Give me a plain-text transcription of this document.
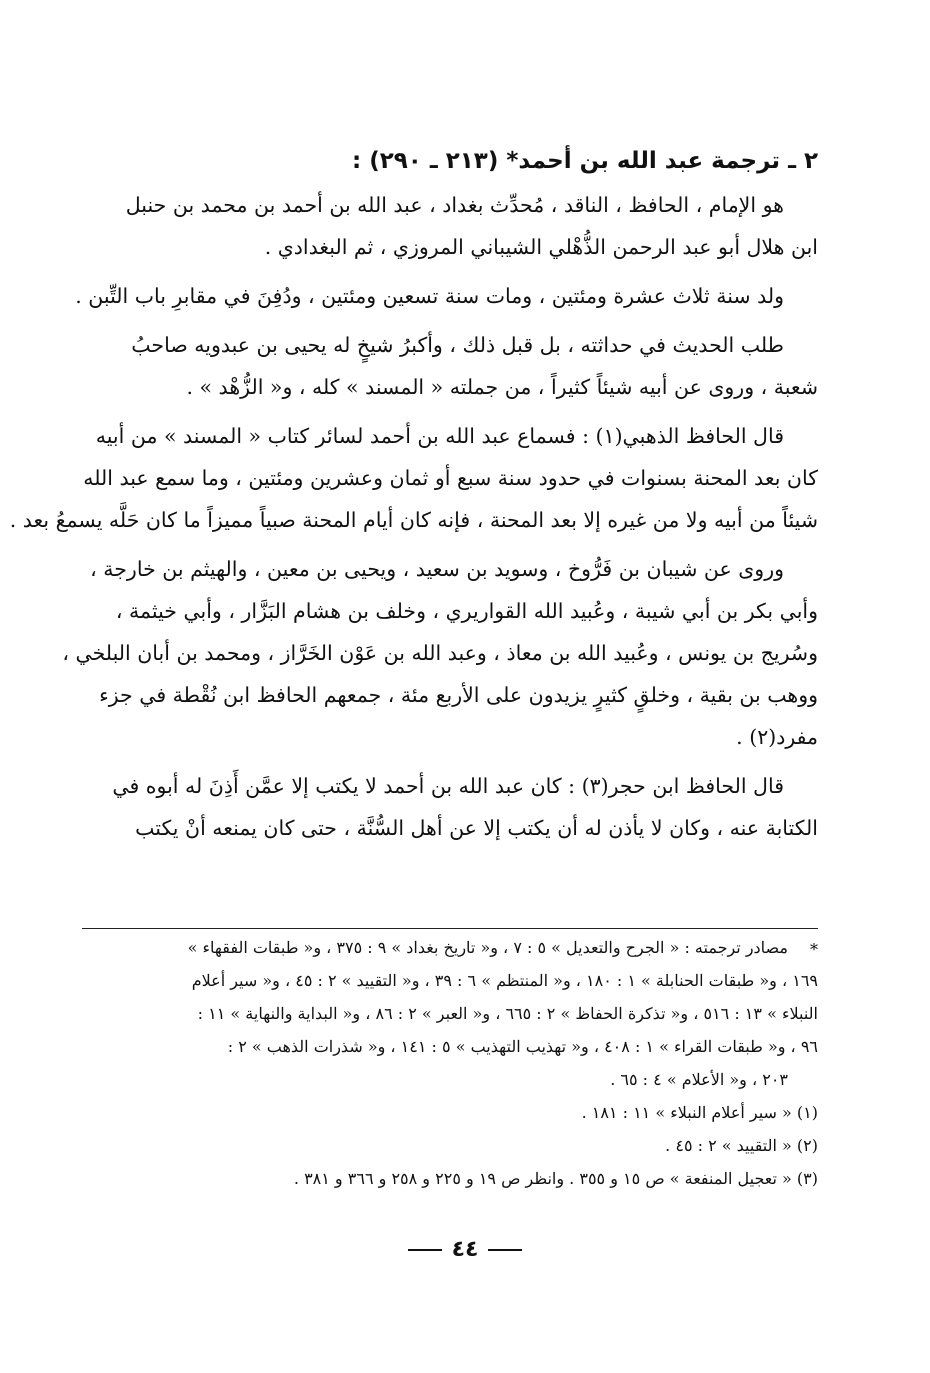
٢ ـ ترجمة عبد الله بن أحمد* (٢١٣ ـ ٢٩٠) :

هو الإمام ، الحافظ ، الناقد ، مُحدِّث بغداد ، عبد الله بن أحمد بن محمد بن حنبل
ابن هلال أبو عبد الرحمن الذُّهْلي الشيباني المروزي ، ثم البغدادي .

ولد سنة ثلاث عشرة ومئتين ، ومات سنة تسعين ومئتين ، ودُفِنَ في مقابرِ باب التِّبن .

طلب الحديث في حداثته ، بل قبل ذلك ، وأكبرُ شيخٍ له يحيى بن عبدويه صاحبُ
شعبة ، وروى عن أبيه شيئاً كثيراً ، من جملته « المسند » كله ، و« الزُّهْد » .

قال الحافظ الذهبي(١) : فسماع عبد الله بن أحمد لسائر كتاب « المسند » من أبيه
كان بعد المحنة بسنوات في حدود سنة سبع أو ثمان وعشرين ومئتين ، وما سمع عبد الله
شيئاً من أبيه ولا من غيره إلا بعد المحنة ، فإنه كان أيام المحنة صبياً مميزاً ما كان حَلَّه يسمعُ بعد .

وروى عن شيبان بن فَرُّوخ ، وسويد بن سعيد ، ويحيى بن معين ، والهيثم بن خارجة ،
وأبي بكر بن أبي شيبة ، وعُبيد الله القواريري ، وخلف بن هشام البَزَّار ، وأبي خيثمة ،
وسُريج بن يونس ، وعُبيد الله بن معاذ ، وعبد الله بن عَوْن الخَرَّاز ، ومحمد بن أبان البلخي ،
ووهب بن بقية ، وخلقٍ كثيرٍ يزيدون على الأربع مئة ، جمعهم الحافظ ابن نُقْطة في جزء
مفرد(٢) .

قال الحافظ ابن حجر(٣) : كان عبد الله بن أحمد لا يكتب إلا عمَّن أَذِنَ له أبوه في
الكتابة عنه ، وكان لا يأذن له أن يكتب إلا عن أهل السُّنَّة ، حتى كان يمنعه أنْ يكتب

*
مصادر ترجمته : « الجرح والتعديل » ٥ : ٧ ، و« تاريخ بغداد » ٩ : ٣٧٥ ، و« طبقات الفقهاء »
١٦٩ ، و« طبقات الحنابلة » ١ : ١٨٠ ، و« المنتظم » ٦ : ٣٩ ، و« التقييد » ٢ : ٤٥ ، و« سير أعلام
النبلاء » ١٣ : ٥١٦ ، و« تذكرة الحفاظ » ٢ : ٦٦٥ ، و« العبر » ٢ : ٨٦ ، و« البداية والنهاية » ١١ :
٩٦ ، و« طبقات القراء » ١ : ٤٠٨ ، و« تهذيب التهذيب » ٥ : ١٤١ ، و« شذرات الذهب » ٢ :
٢٠٣ ، و« الأعلام » ٤ : ٦٥ .
(١) « سير أعلام النبلاء » ١١ : ١٨١ .
(٢) « التقييد » ٢ : ٤٥ .
(٣) « تعجيل المنفعة » ص ١٥ و ٣٥٥ . وانظر ص ١٩ و ٢٢٥ و ٢٥٨ و ٣٦٦ و ٣٨١ .
٤٤
